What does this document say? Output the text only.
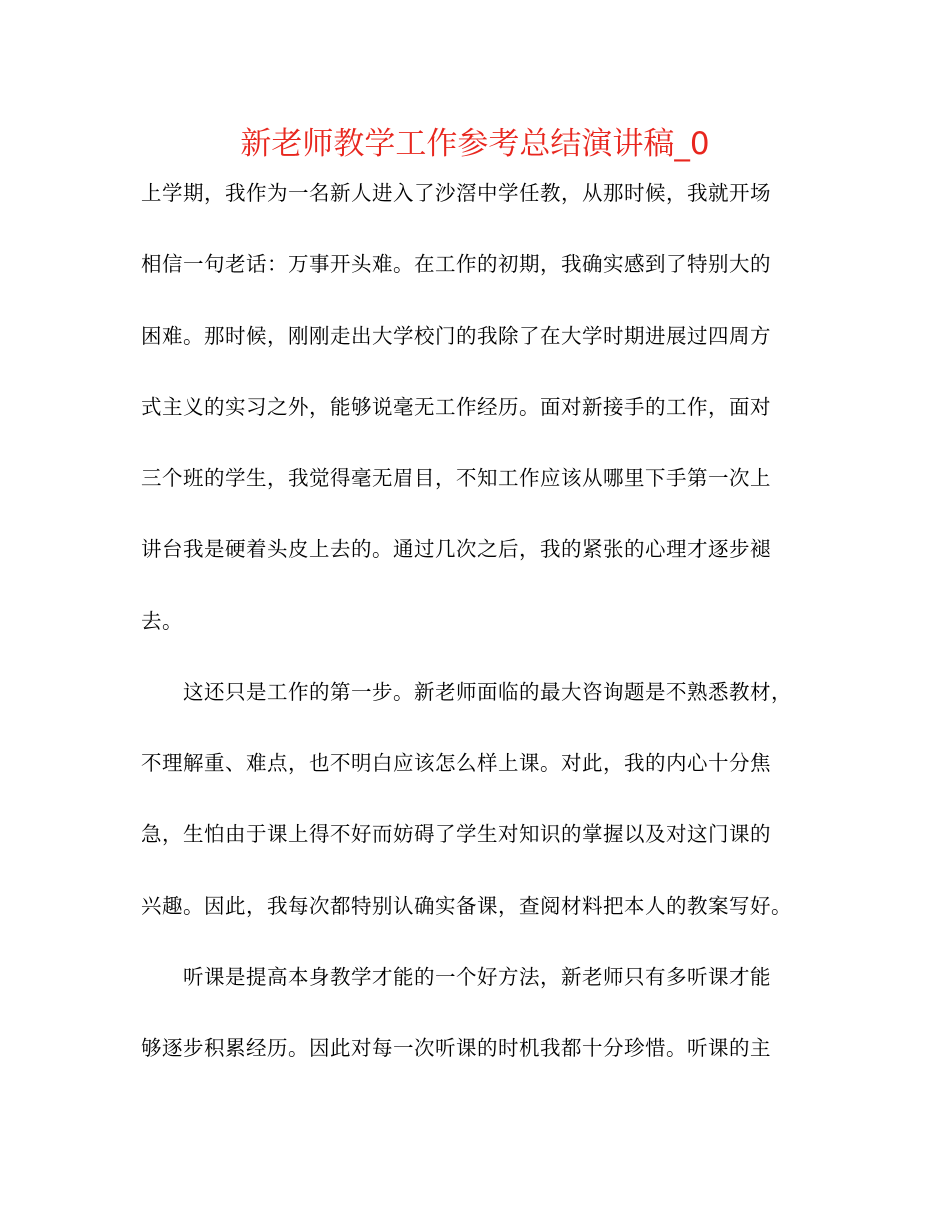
新老师教学工作参考总结演讲稿_0
上学期，我作为一名新人进入了沙滘中学任教，从那时候，我就开场
相信一句老话：万事开头难。在工作的初期，我确实感到了特别大的
困难。那时候，刚刚走出大学校门的我除了在大学时期进展过四周方
式主义的实习之外，能够说毫无工作经历。面对新接手的工作，面对
三个班的学生，我觉得毫无眉目，不知工作应该从哪里下手第一次上
讲台我是硬着头皮上去的。通过几次之后，我的紧张的心理才逐步褪
去。
这还只是工作的第一步。新老师面临的最大咨询题是不熟悉教材，
不理解重、难点，也不明白应该怎么样上课。对此，我的内心十分焦
急，生怕由于课上得不好而妨碍了学生对知识的掌握以及对这门课的
兴趣。因此，我每次都特别认确实备课，查阅材料把本人的教案写好。
听课是提高本身教学才能的一个好方法，新老师只有多听课才能
够逐步积累经历。因此对每一次听课的时机我都十分珍惜。听课的主
